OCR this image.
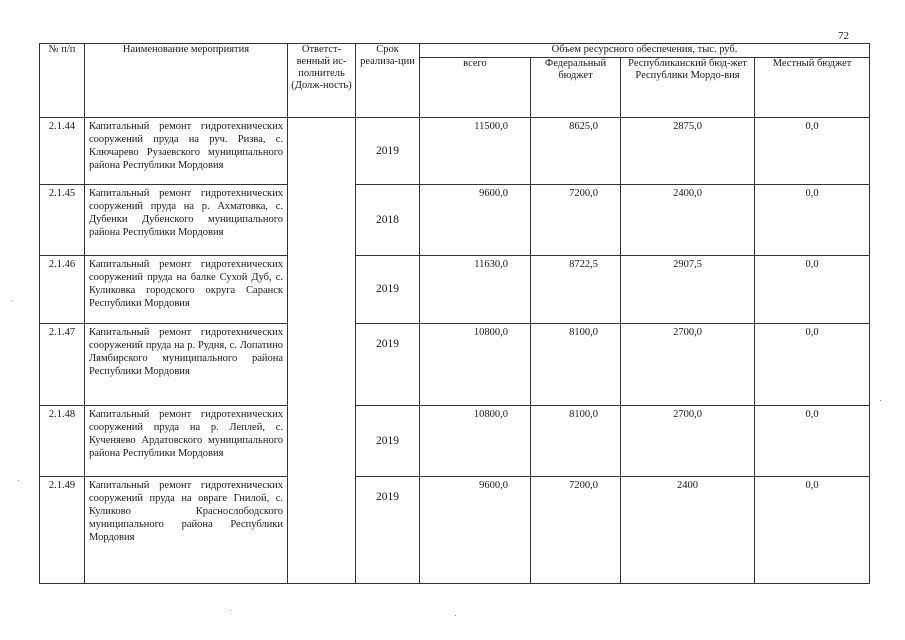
72
№ п/п	Наименование мероприятия	Ответст-венный ис-полнитель (Долж-ность)	Срок реализа-ции	Объем ресурсного обеспечения, тыс. руб.			
				всего	Федеральный бюджет	Республиканский бюд-жет Республики Мордо-вия	Местный бюджет
2.1.44	Капитальный ремонт гидротехнических сооружений пруда на руч. Ризва, с. Ключарево Рузаевского муниципального района Республики Мордовия		2019	11500,0	8625,0	2875,0	0,0
2.1.45	Капитальный ремонт гидротехнических сооружений пруда на р. Ахматовка, с. Дубенки Дубенского муниципального района Республики Мордовия		2018	9600,0	7200,0	2400,0	0,0
2.1.46	Капитальный ремонт гидротехнических сооружений пруда на балке Сухой Дуб, с. Куликовка городского округа Саранск Республики Мордовия		2019	11630,0	8722,5	2907,5	0,0
2.1.47	Капитальный ремонт гидротехнических сооружений пруда на р. Рудня, с. Лопатино Лямбирского муниципального района Республики Мордовия		2019	10800,0	8100,0	2700,0	0,0
2.1.48	Капитальный ремонт гидротехнических сооружений пруда на р. Леплей, с. Кученяево Ардатовского муниципального района Республики Мордовия		2019	10800,0	8100,0	2700,0	0,0
2.1.49	Капитальный ремонт гидротехнических сооружений пруда на овраге Гнилой, с. Куликово Краснослободского муниципального района Республики Мордовия		2019	9600,0	7200,0	2400	0,0
